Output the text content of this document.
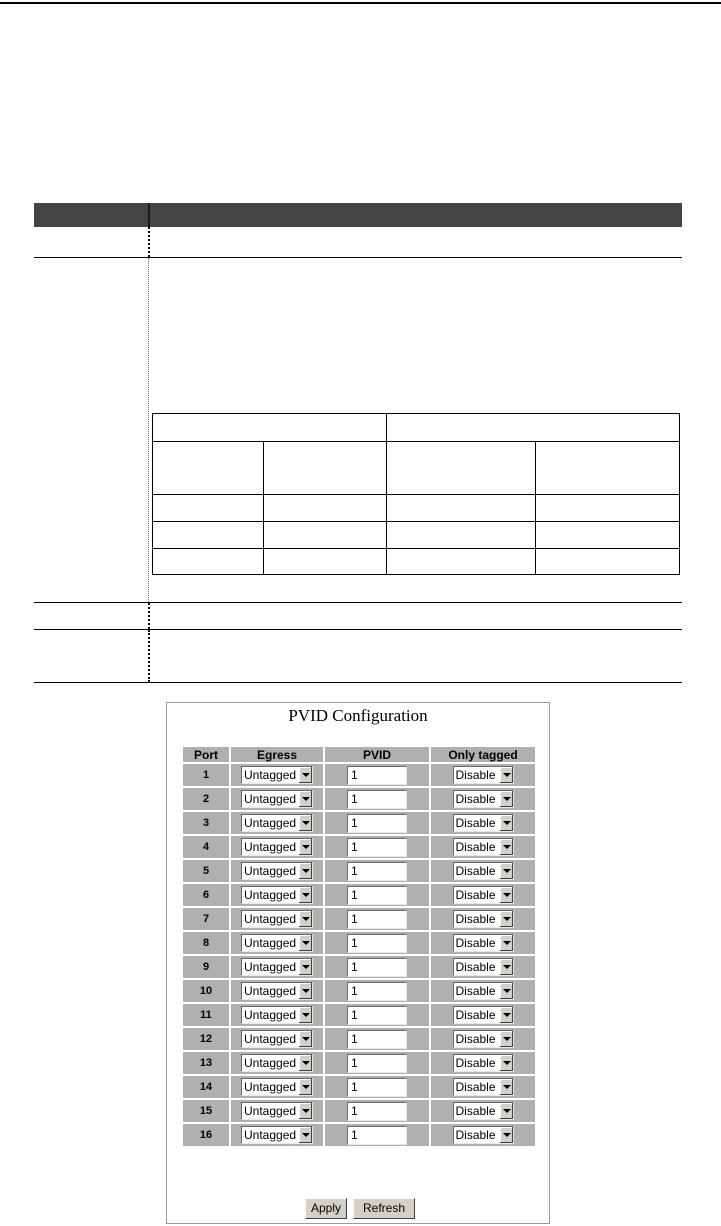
PVID Configuration
Port	Egress	PVID	Only tagged
1	Untagged	1	Disable

2	Untagged	1	Disable

3	Untagged	1	Disable

4	Untagged	1	Disable

5	Untagged	1	Disable

6	Untagged	1	Disable

7	Untagged	1	Disable

8	Untagged	1	Disable

9	Untagged	1	Disable

10	Untagged	1	Disable

11	Untagged	1	Disable

12	Untagged	1	Disable

13	Untagged	1	Disable

14	Untagged	1	Disable

15	Untagged	1	Disable

16	Untagged	1	Disable
Apply	Refresh
